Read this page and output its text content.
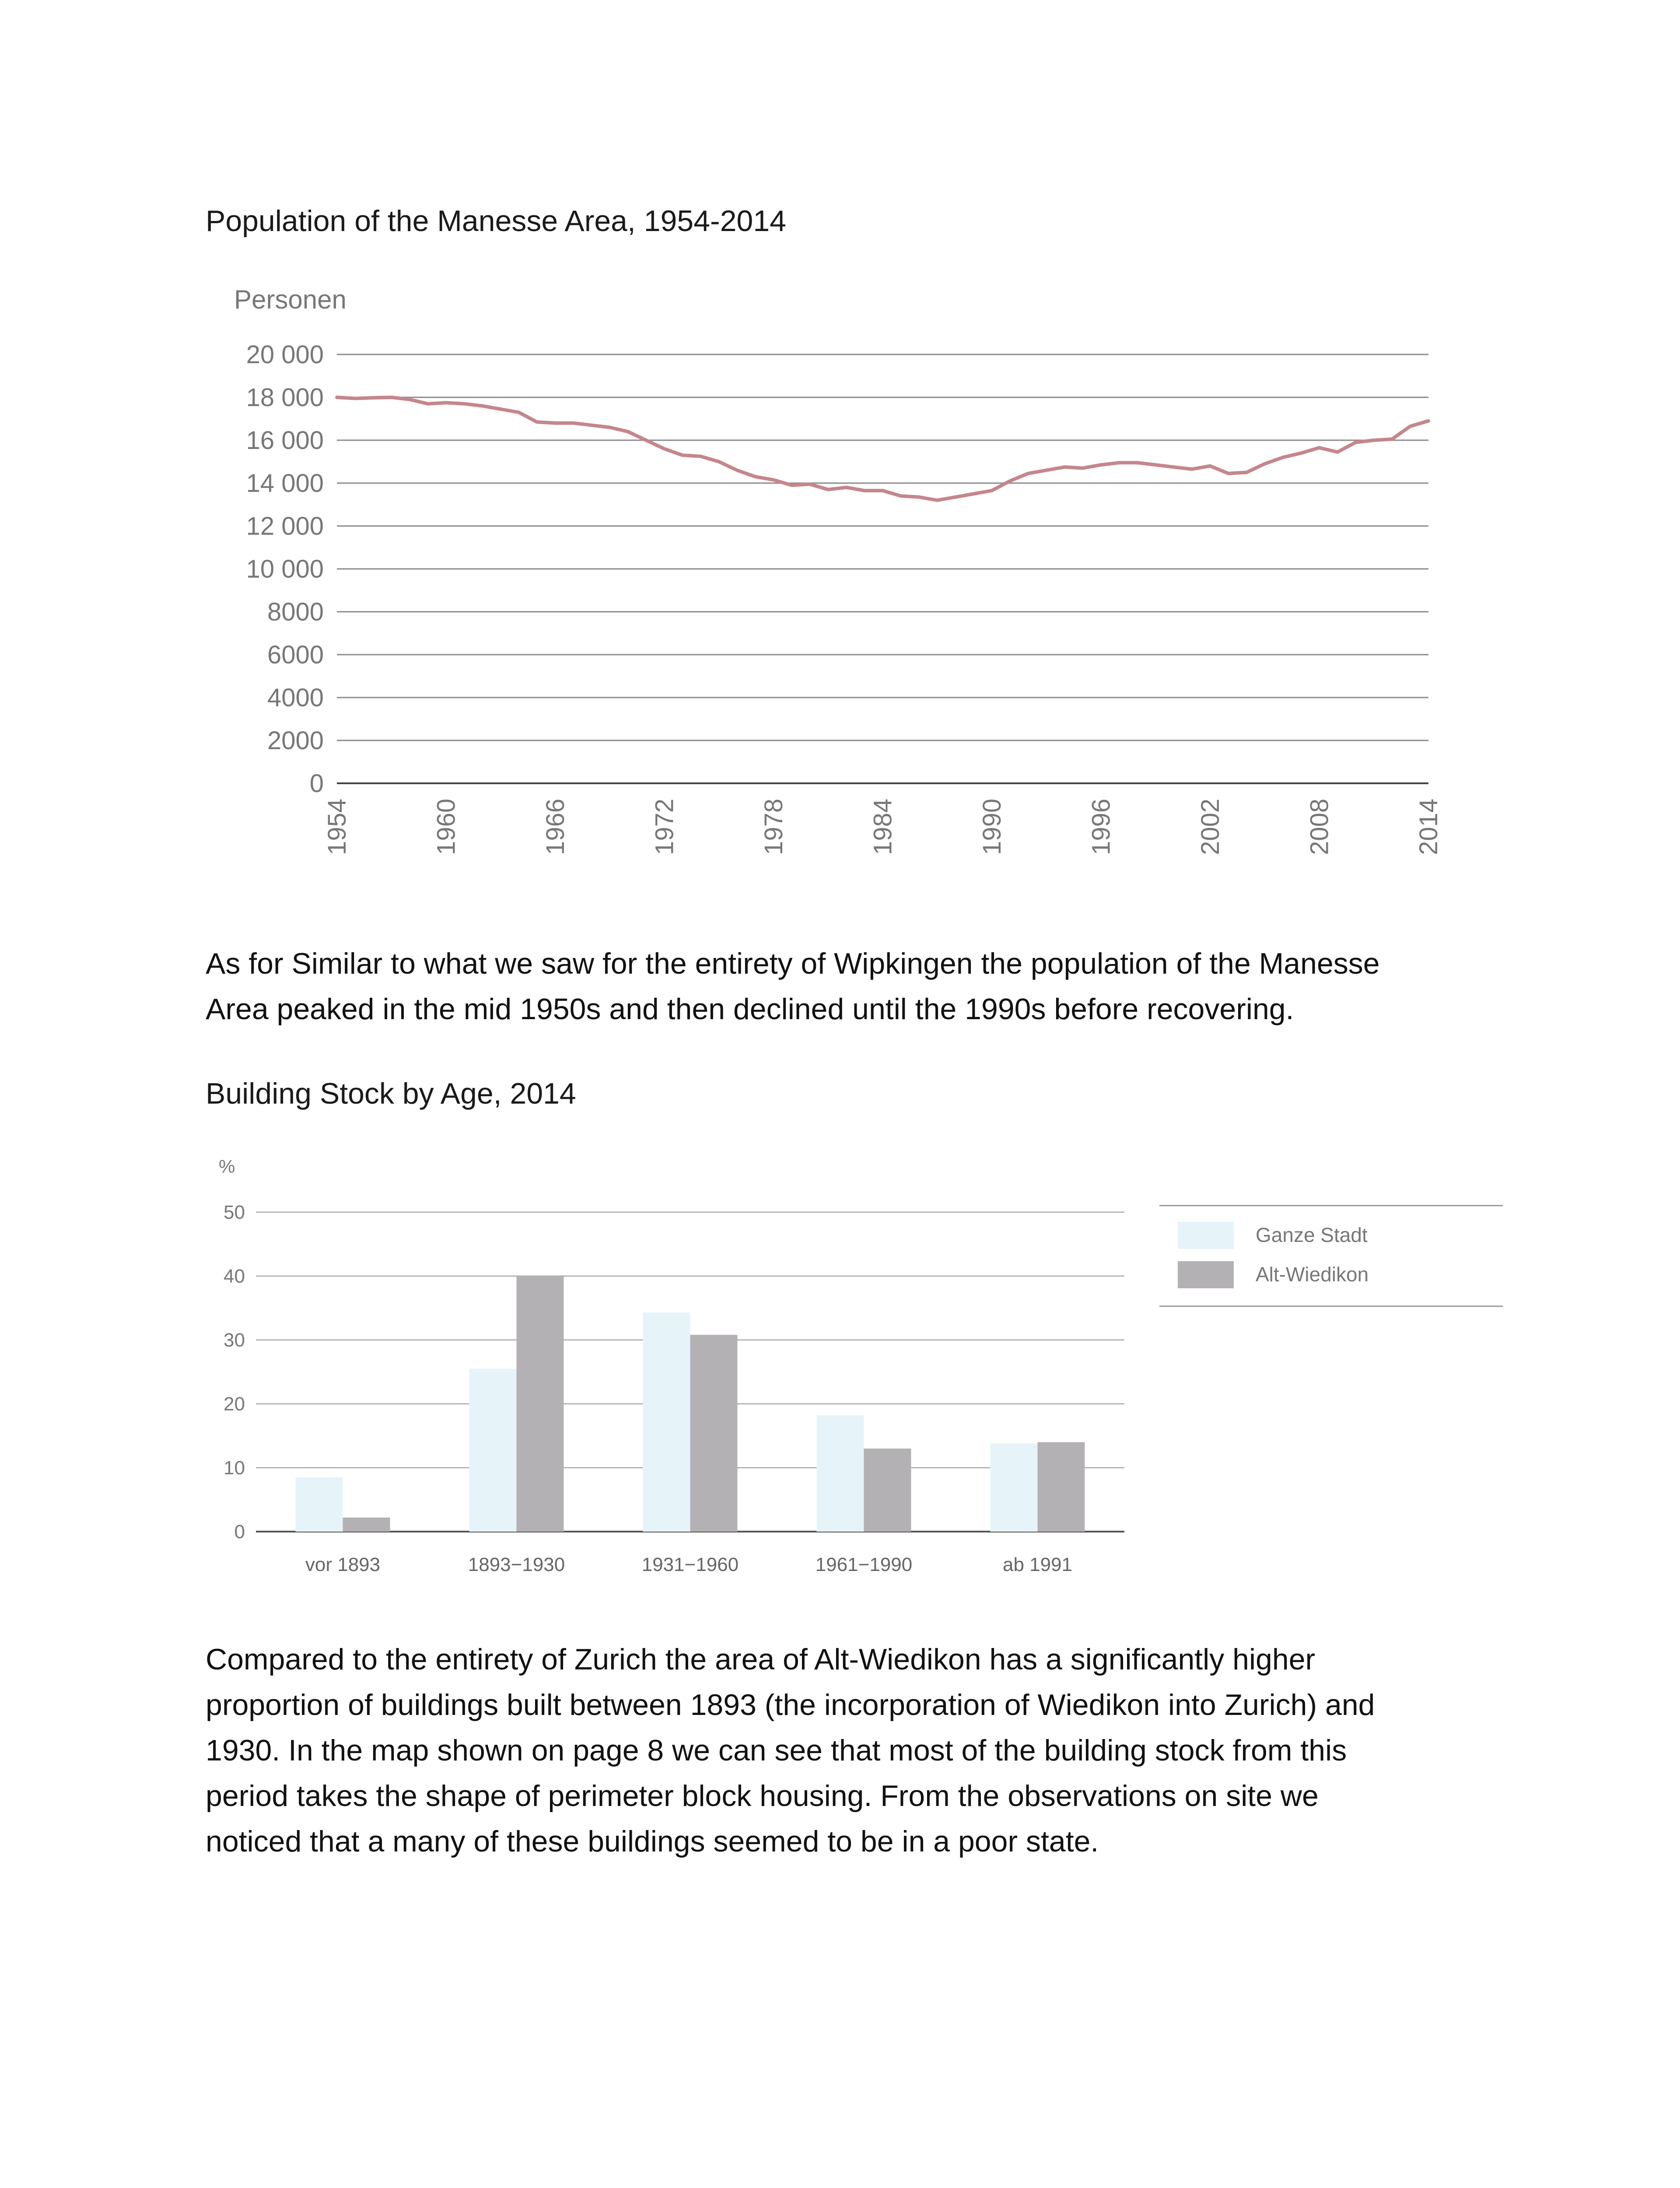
Population of the Manesse Area, 1954-2014
Personen
0
2000
4000
6000
8000
10 000
12 000
14 000
16 000
18 000
20 000
1954	1960	1966	1972	1978	1984	1990	1996	2002	2008	2014
As for Similar to what we saw for the entirety of Wipkingen the population of the Manesse
Area peaked in the mid 1950s and then declined until the 1990s before recovering.
Building Stock by Age, 2014
%
0
10
20
30
40
50
vor 1893	1893−1930	1931−1960	1961−1990	ab 1991
Ganze Stadt
Alt-Wiedikon
Compared to the entirety of Zurich the area of Alt-Wiedikon has a significantly higher
proportion of buildings built between 1893 (the incorporation of Wiedikon into Zurich) and
1930. In the map shown on page 8 we can see that most of the building stock from this
period takes the shape of perimeter block housing. From the observations on site we
noticed that a many of these buildings seemed to be in a poor state.
